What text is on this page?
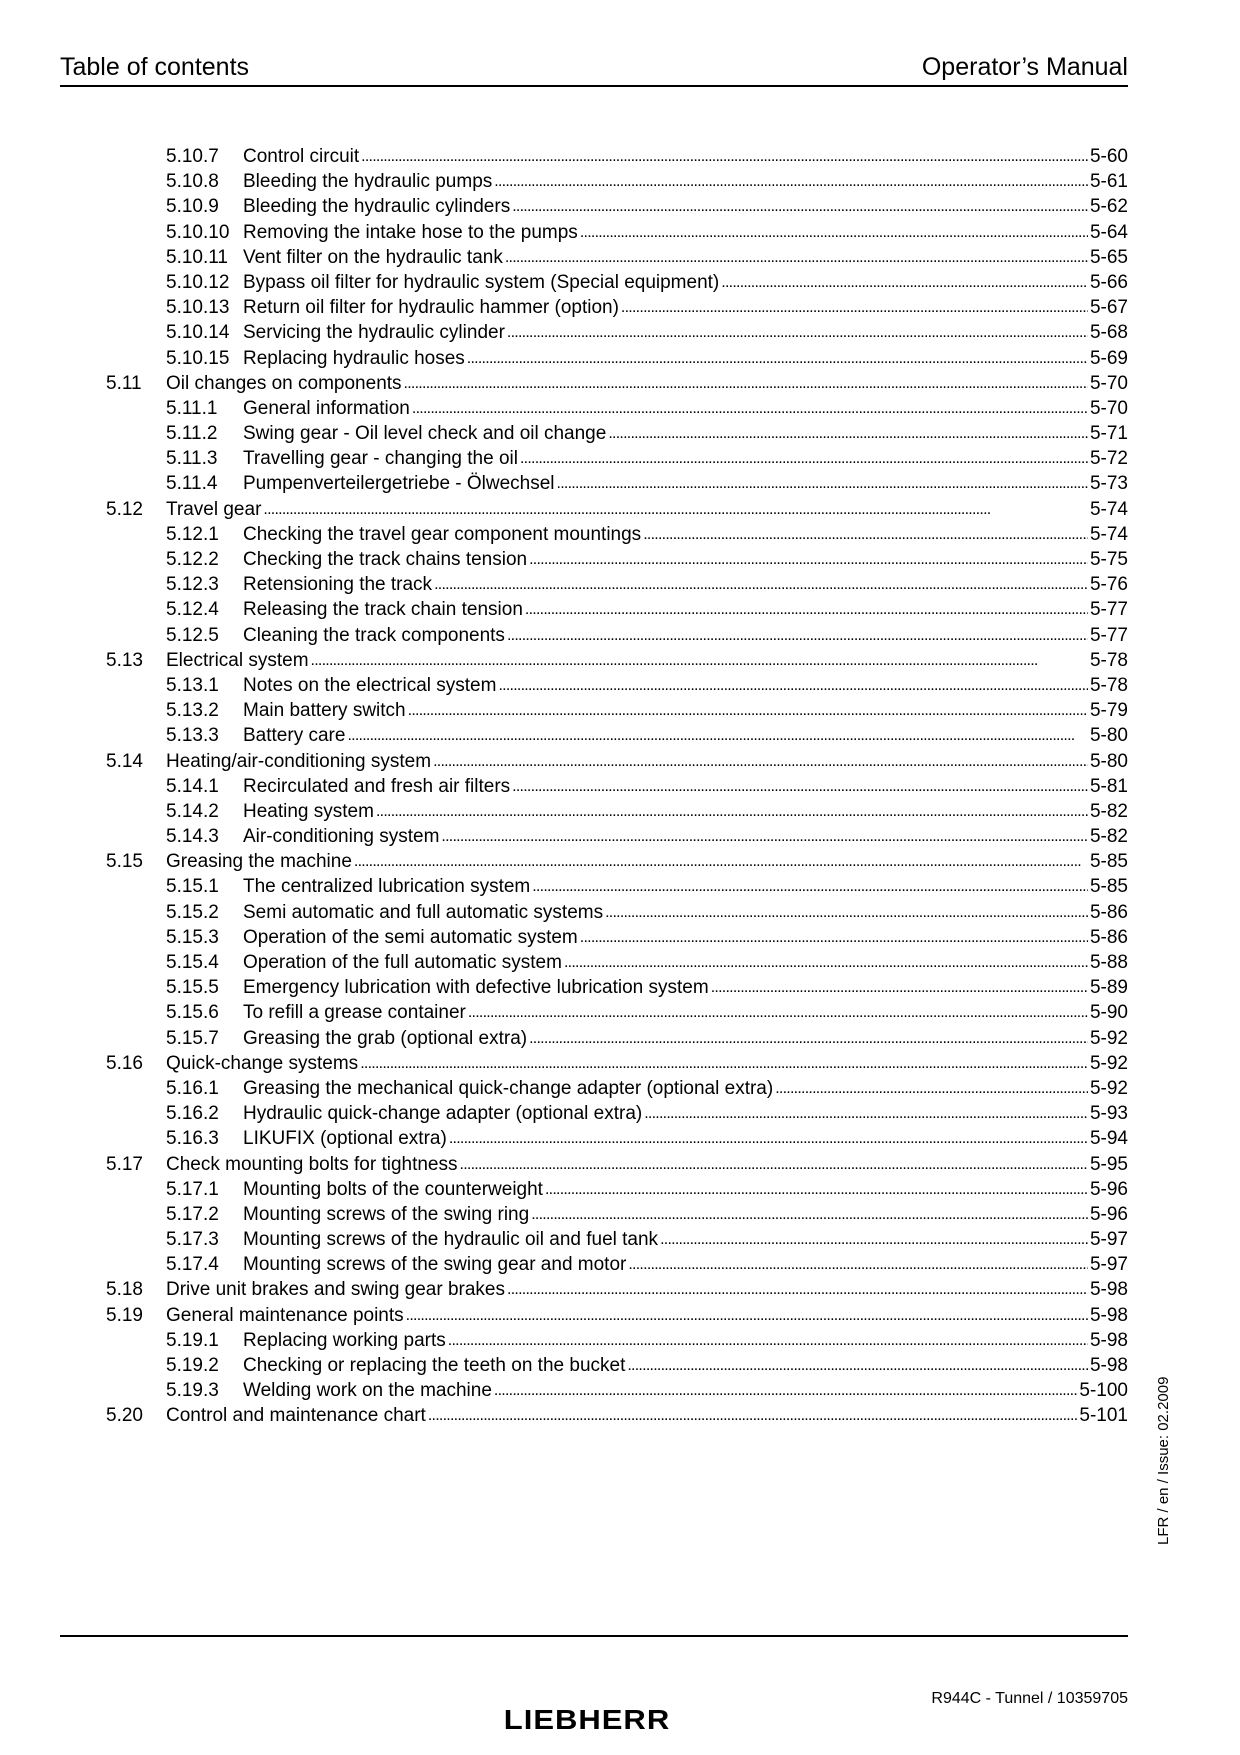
Table of contents	Operator’s Manual
5.10.7	Control circuit . . .	5-60
5.10.8	Bleeding the hydraulic pumps . . .	5-61
5.10.9	Bleeding the hydraulic cylinders . . .	5-62
5.10.10 Removing the intake hose to the pumps . . .	5-64
5.10.11 Vent filter on the hydraulic tank . . .	5-65
5.10.12 Bypass oil filter for hydraulic system (Special equipment) . . .	5-66
5.10.13 Return oil filter for hydraulic hammer (option) . . .	5-67
5.10.14 Servicing the hydraulic cylinder . . .	5-68
5.10.15 Replacing hydraulic hoses . . .	5-69
5.11	Oil changes on components . . .	5-70
5.11.1	General information . . .	5-70
5.11.2	Swing gear - Oil level check and oil change . . .	5-71
5.11.3	Travelling gear - changing the oil . . .	5-72
5.11.4	Pumpenverteilergetriebe - Ölwechsel . . .	5-73
5.12	Travel gear . . .	5-74
5.12.1	Checking the travel gear component mountings . . .	5-74
5.12.2	Checking the track chains tension . . .	5-75
5.12.3	Retensioning the track . . .	5-76
5.12.4	Releasing the track chain tension . . .	5-77
5.12.5	Cleaning the track components . . .	5-77
5.13	Electrical system . . .	5-78
5.13.1	Notes on the electrical system . . .	5-78
5.13.2	Main battery switch . . .	5-79
5.13.3	Battery care . . .	5-80
5.14	Heating/air-conditioning system . . .	5-80
5.14.1	Recirculated and fresh air filters . . .	5-81
5.14.2	Heating system . . .	5-82
5.14.3	Air-conditioning system . . .	5-82
5.15	Greasing the machine . . .	5-85
5.15.1	The centralized lubrication system . . .	5-85
5.15.2	Semi automatic and full automatic systems . . .	5-86
5.15.3	Operation of the semi automatic system . . .	5-86
5.15.4	Operation of the full automatic system . . .	5-88
5.15.5	Emergency lubrication with defective lubrication system . . .	5-89
5.15.6	To refill a grease container . . .	5-90
5.15.7	Greasing the grab (optional extra) . . .	5-92
5.16	Quick-change systems . . .	5-92
5.16.1	Greasing the mechanical quick-change adapter (optional extra) . . .	5-92
5.16.2	Hydraulic quick-change adapter (optional extra) . . .	5-93
5.16.3	LIKUFIX (optional extra) . . .	5-94
5.17	Check mounting bolts for tightness . . .	5-95
5.17.1	Mounting bolts of the counterweight . . .	5-96
5.17.2	Mounting screws of the swing ring . . .	5-96
5.17.3	Mounting screws of the hydraulic oil and fuel tank . . .	5-97
5.17.4	Mounting screws of the swing gear and motor . . .	5-97
5.18	Drive unit brakes and swing gear brakes . . .	5-98
5.19	General maintenance points . . .	5-98
5.19.1	Replacing working parts . . .	5-98
5.19.2	Checking or replacing the teeth on the bucket . . .	5-98
5.19.3	Welding work on the machine . . .	5-100
5.20	Control and maintenance chart . . .	5-101 LFR / en / Issue: 02.2009
LIEBHERR
R944C - Tunnel / 10359705
